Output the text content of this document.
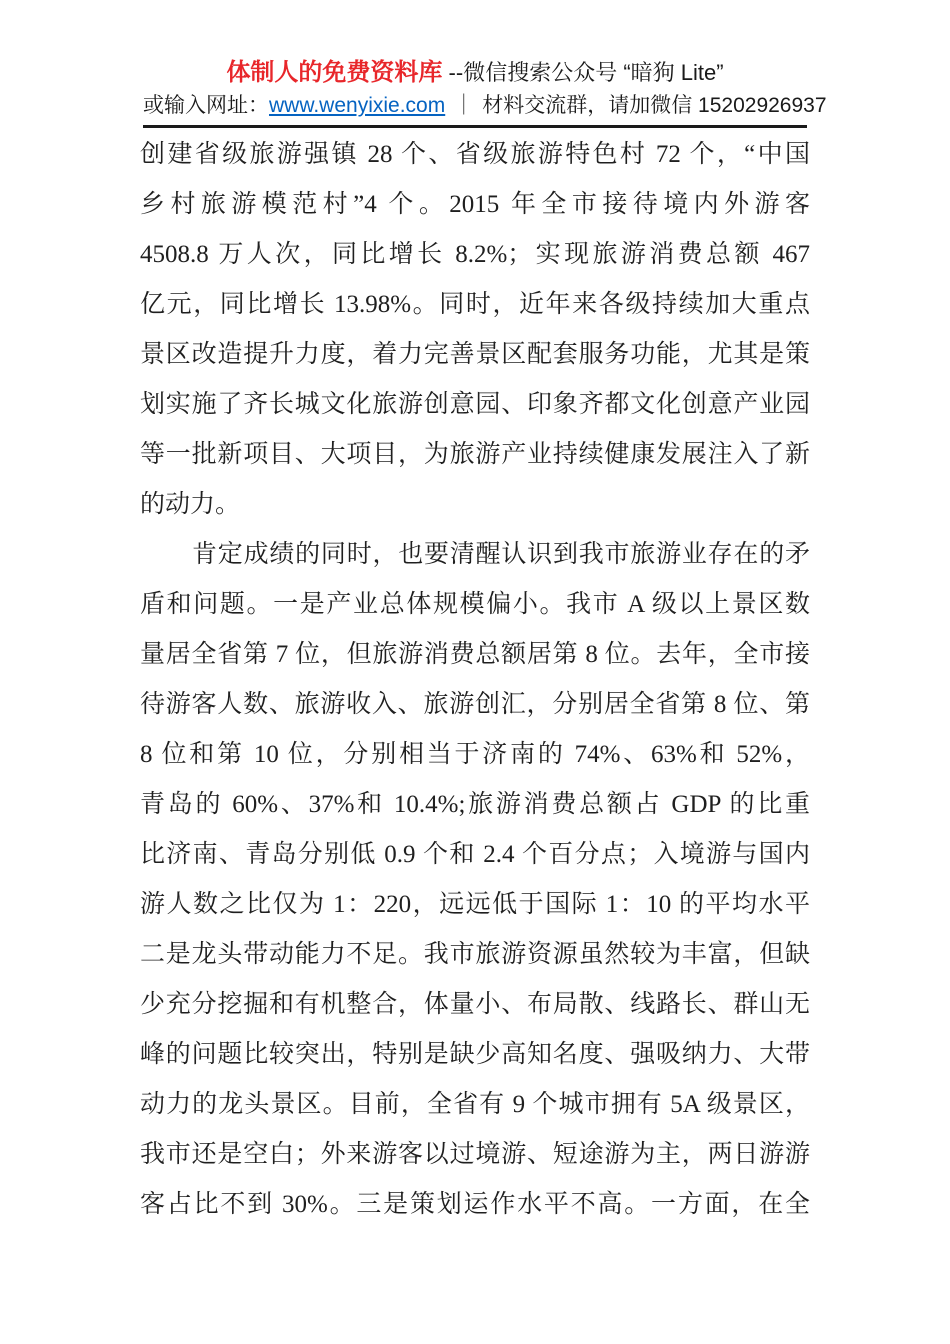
体制人的免费资料库 --微信搜索公众号 “暗狗 Lite”
或输入网址：www.wenyixie.com ｜ 材料交流群，请加微信 15202926937
创建省级旅游强镇 28 个、省级旅游特色村 72 个，“中国
乡村旅游模范村”4 个。2015 年全市接待境内外游客
4508.8 万人次，同比增长 8.2%；实现旅游消费总额 467
亿元，同比增长 13.98%。同时，近年来各级持续加大重点
景区改造提升力度，着力完善景区配套服务功能，尤其是策
划实施了齐长城文化旅游创意园、印象齐都文化创意产业园
等一批新项目、大项目，为旅游产业持续健康发展注入了新
的动力。
肯定成绩的同时，也要清醒认识到我市旅游业存在的矛
盾和问题。一是产业总体规模偏小。我市 A 级以上景区数
量居全省第 7 位，但旅游消费总额居第 8 位。去年，全市接
待游客人数、旅游收入、旅游创汇，分别居全省第 8 位、第
8 位和第 10 位，分别相当于济南的 74%、63%和 52%，
青岛的 60%、37%和 10.4%;旅游消费总额占 GDP 的比重
比济南、青岛分别低 0.9 个和 2.4 个百分点；入境游与国内
游人数之比仅为 1：220，远远低于国际 1：10 的平均水平
二是龙头带动能力不足。我市旅游资源虽然较为丰富，但缺
少充分挖掘和有机整合，体量小、布局散、线路长、群山无
峰的问题比较突出，特别是缺少高知名度、强吸纳力、大带
动力的龙头景区。目前，全省有 9 个城市拥有 5A 级景区，
我市还是空白；外来游客以过境游、短途游为主，两日游游
客占比不到 30%。三是策划运作水平不高。一方面，在全
